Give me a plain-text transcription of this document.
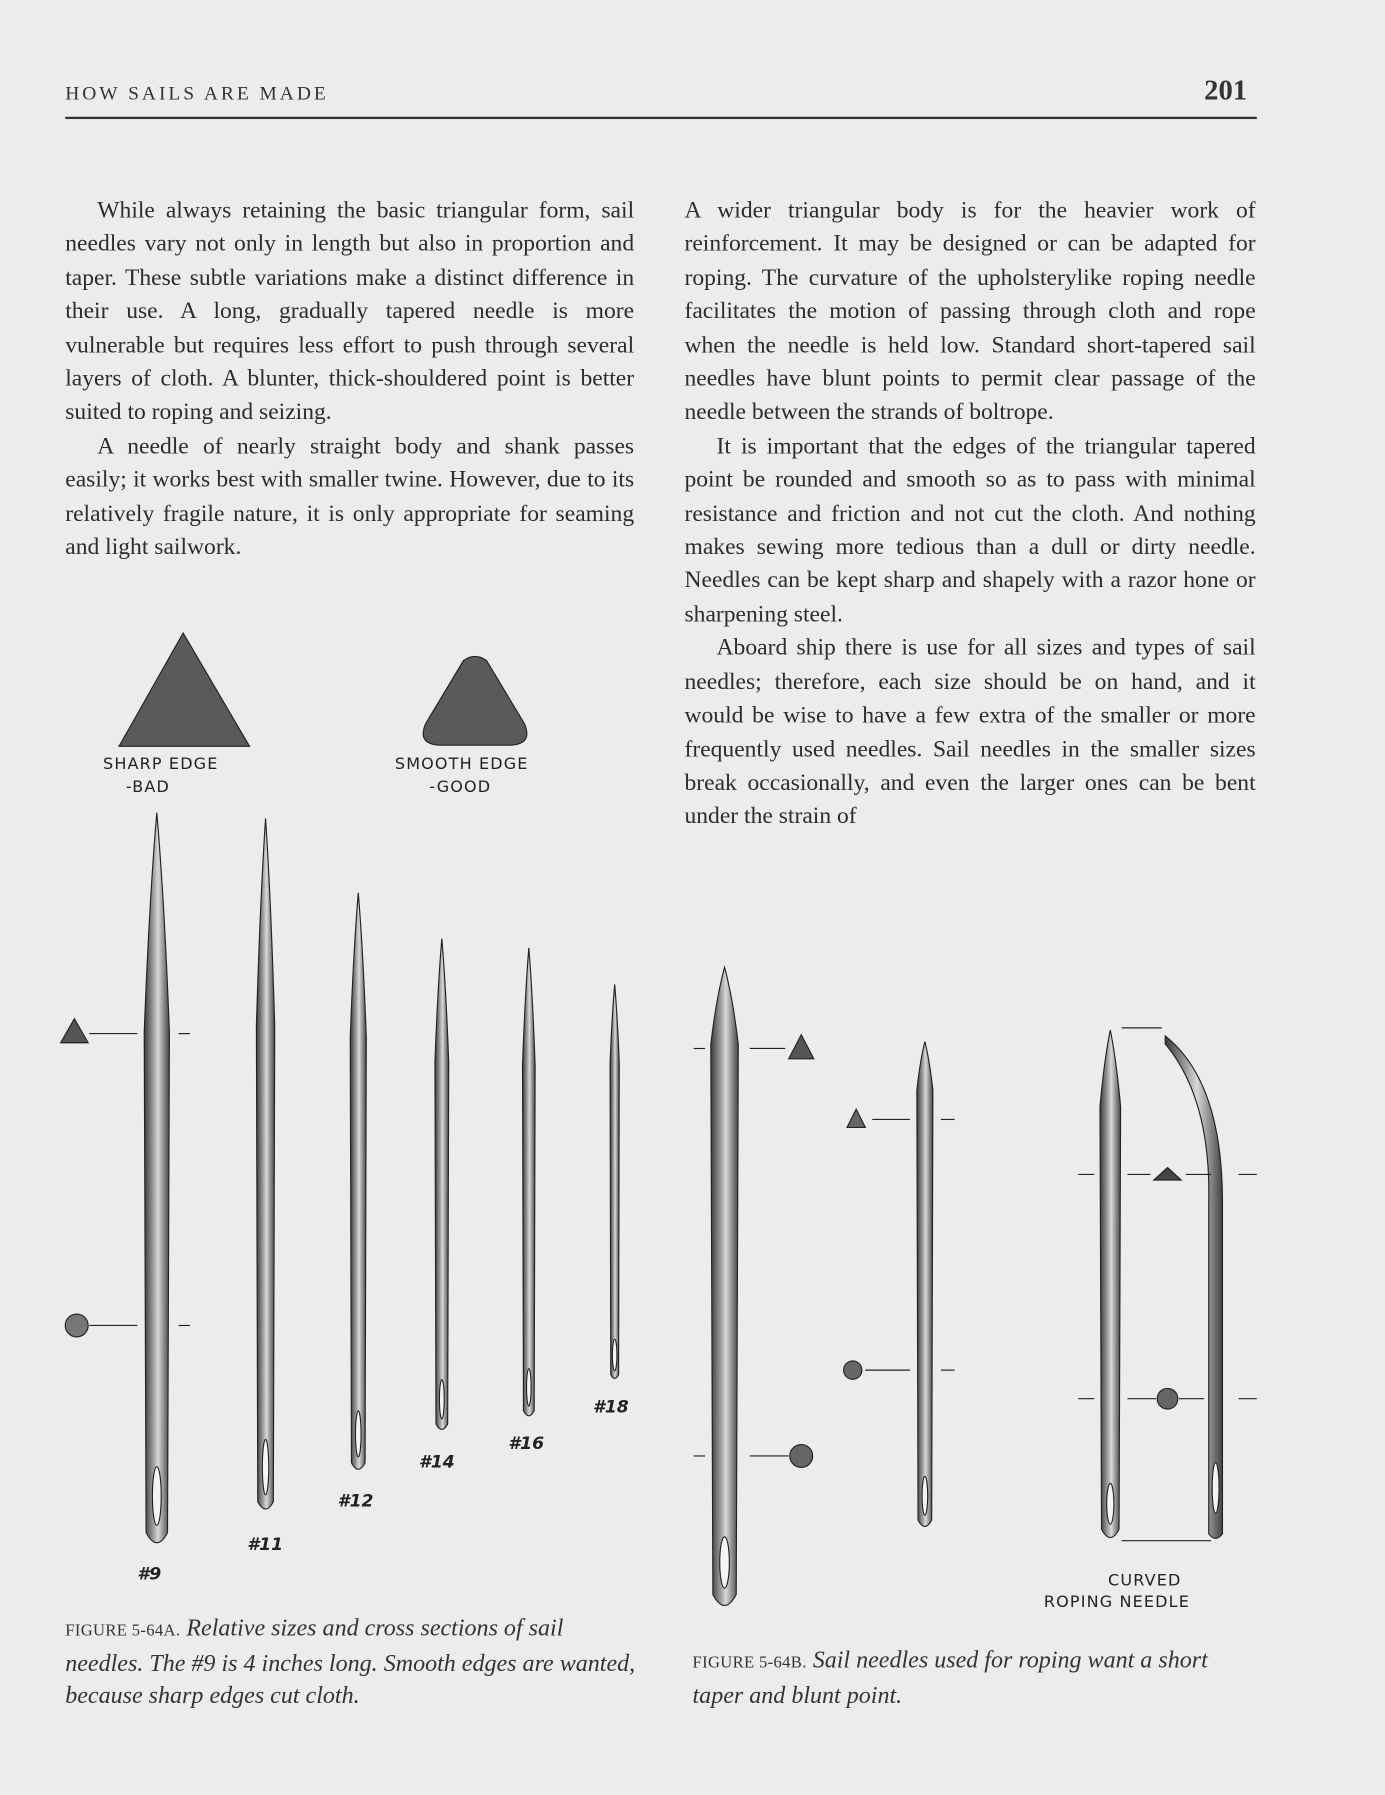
HOW SAILS ARE MADE	201

While always retaining the basic triangular form, sail needles vary not only in length but also in proportion and taper. These subtle variations make a distinct difference in their use. A long, gradually tapered needle is more vulnerable but requires less effort to push through several layers of cloth. A blunter, thick-shouldered point is better suited to roping and seizing.

A needle of nearly straight body and shank passes easily; it works best with smaller twine. However, due to its relatively fragile nature, it is only appropriate for seaming and light sailwork.

A wider triangular body is for the heavier work of reinforcement. It may be designed or can be adapted for roping. The curvature of the upholsterylike roping needle facilitates the motion of passing through cloth and rope when the needle is held low. Standard short-tapered sail needles have blunt points to permit clear passage of the needle between the strands of boltrope.

It is important that the edges of the triangular tapered point be rounded and smooth so as to pass with minimal resistance and friction and not cut the cloth. And nothing makes sewing more tedious than a dull or dirty needle. Needles can be kept sharp and shapely with a razor hone or sharpening steel.

Aboard ship there is use for all sizes and types of sail needles; therefore, each size should be on hand, and it would be wise to have a few extra of the smaller or more frequently used needles. Sail needles in the smaller sizes break occasionally, and even the larger ones can be bent under the strain of

SHARP EDGE
-BAD
SMOOTH EDGE
-GOOD
#9
#11
#12
#14
#16
#18
CURVED
ROPING NEEDLE
FIGURE 5-64A. Relative sizes and cross sections of sail needles. The #9 is 4 inches long. Smooth edges are wanted, because sharp edges cut cloth.
FIGURE 5-64B. Sail needles used for roping want a short taper and blunt point.
